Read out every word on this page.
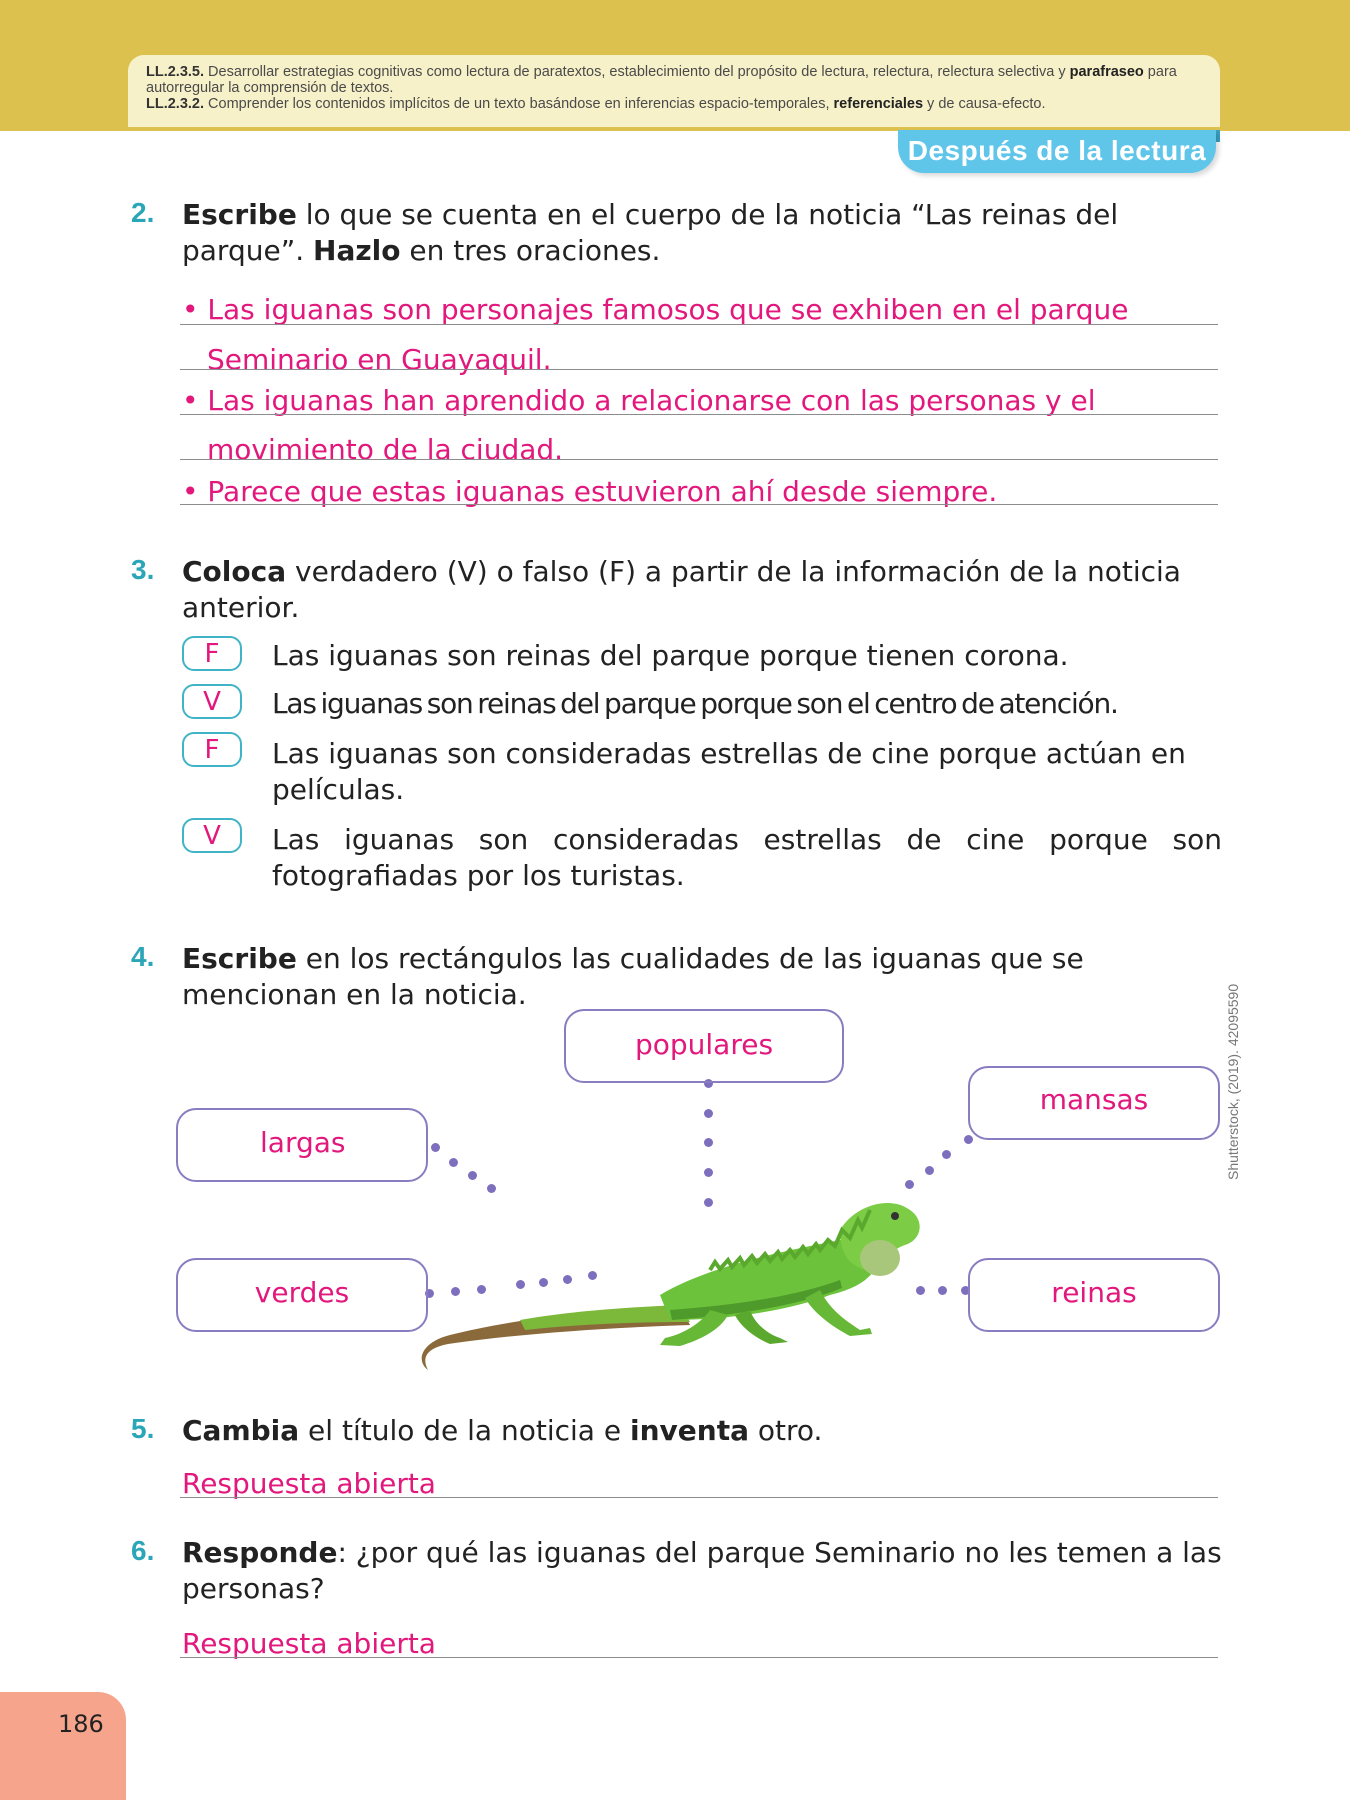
LL.2.3.5. Desarrollar estrategias cognitivas como lectura de paratextos, establecimiento del propósito de lectura, relectura, relectura selectiva y parafraseo para autorregular la comprensión de textos.
LL.2.3.2. Comprender los contenidos implícitos de un texto basándose en inferencias espacio-temporales, referenciales y de causa-efecto.
Después de la lectura
2. Escribe lo que se cuenta en el cuerpo de la noticia “Las reinas del parque”. Hazlo en tres oraciones.
• Las iguanas son personajes famosos que se exhiben en el parque
Seminario en Guayaquil.
• Las iguanas han aprendido a relacionarse con las personas y el
movimiento de la ciudad.
• Parece que estas iguanas estuvieron ahí desde siempre.
3. Coloca verdadero (V) o falso (F) a partir de la información de la noticia anterior.
F	Las iguanas son reinas del parque porque tienen corona.
V	Las iguanas son reinas del parque porque son el centro de atención.
F	Las iguanas son consideradas estrellas de cine porque actúan en películas.
V	Las iguanas son consideradas estrellas de cine porque son fotografiadas por los turistas.
4. Escribe en los rectángulos las cualidades de las iguanas que se mencionan en la noticia.
populares
mansas
largas
verdes	reinas
Shutterstock, (2019). 42095590
5. Cambia el título de la noticia e inventa otro.
Respuesta abierta
6. Responde: ¿por qué las iguanas del parque Seminario no les temen a las personas?
Respuesta abierta
186
